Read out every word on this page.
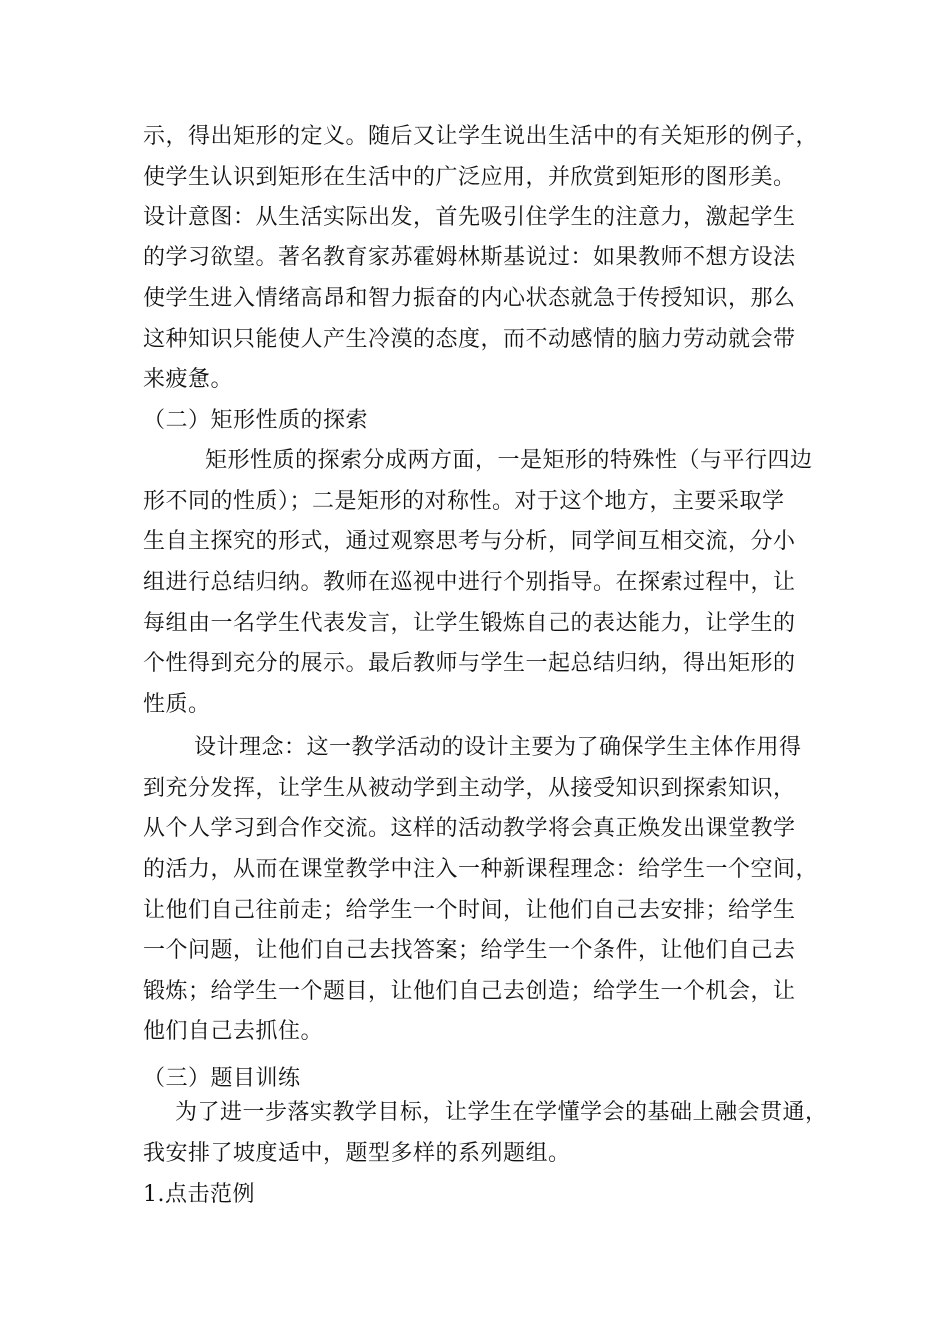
示，得出矩形的定义。随后又让学生说出生活中的有关矩形的例子，
使学生认识到矩形在生活中的广泛应用，并欣赏到矩形的图形美。
设计意图：从生活实际出发，首先吸引住学生的注意力，激起学生
的学习欲望。著名教育家苏霍姆林斯基说过：如果教师不想方设法
使学生进入情绪高昂和智力振奋的内心状态就急于传授知识，那么
这种知识只能使人产生冷漠的态度，而不动感情的脑力劳动就会带
来疲惫。
（二）矩形性质的探索
矩形性质的探索分成两方面，一是矩形的特殊性（与平行四边
形不同的性质）；二是矩形的对称性。对于这个地方，主要采取学
生自主探究的形式，通过观察思考与分析，同学间互相交流，分小
组进行总结归纳。教师在巡视中进行个别指导。在探索过程中，让
每组由一名学生代表发言，让学生锻炼自己的表达能力，让学生的
个性得到充分的展示。最后教师与学生一起总结归纳，得出矩形的
性质。
设计理念：这一教学活动的设计主要为了确保学生主体作用得
到充分发挥，让学生从被动学到主动学，从接受知识到探索知识，
从个人学习到合作交流。这样的活动教学将会真正焕发出课堂教学
的活力，从而在课堂教学中注入一种新课程理念：给学生一个空间，
让他们自己往前走；给学生一个时间，让他们自己去安排；给学生
一个问题，让他们自己去找答案；给学生一个条件，让他们自己去
锻炼；给学生一个题目，让他们自己去创造；给学生一个机会，让
他们自己去抓住。
（三）题目训练
为了进一步落实教学目标，让学生在学懂学会的基础上融会贯通，
我安排了坡度适中，题型多样的系列题组。
1.点击范例
